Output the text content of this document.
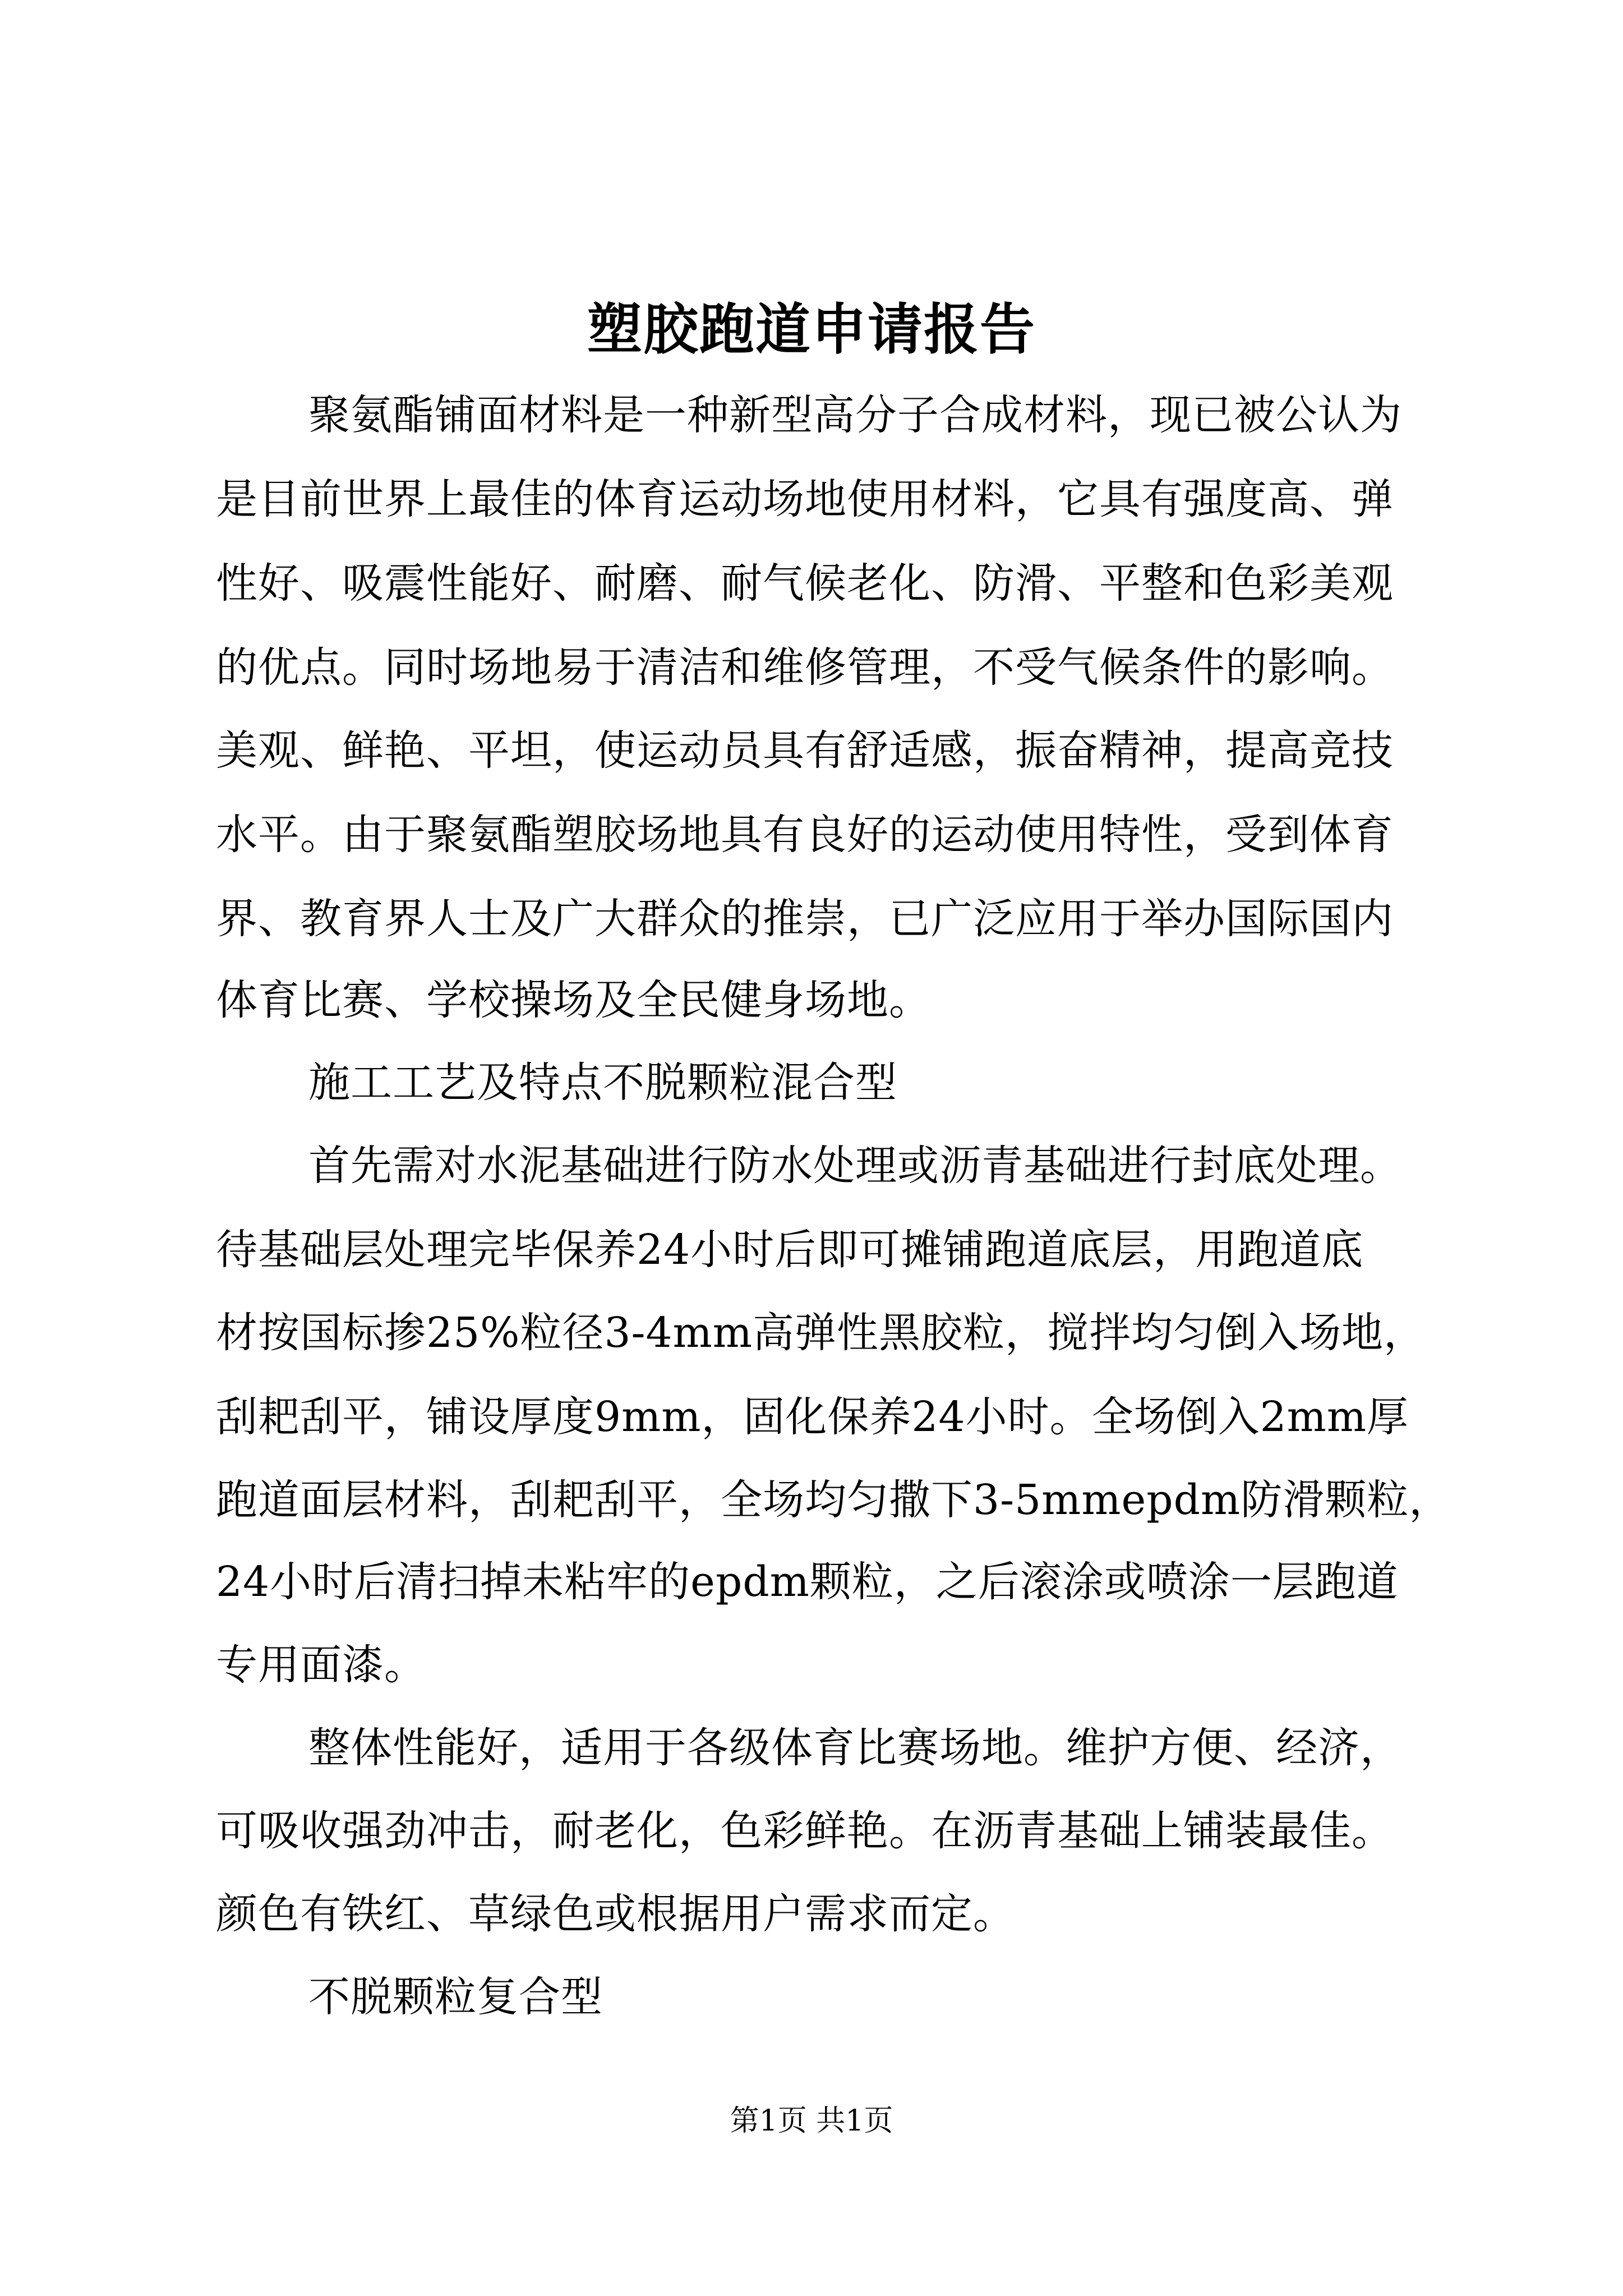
塑胶跑道申请报告
聚氨酯铺面材料是一种新型高分子合成材料，现已被公认为
是目前世界上最佳的体育运动场地使用材料，它具有强度高、弹
性好、吸震性能好、耐磨、耐气候老化、防滑、平整和色彩美观
的优点。同时场地易于清洁和维修管理，不受气候条件的影响。
美观、鲜艳、平坦，使运动员具有舒适感，振奋精神，提高竞技
水平。由于聚氨酯塑胶场地具有良好的运动使用特性，受到体育
界、教育界人士及广大群众的推崇，已广泛应用于举办国际国内
体育比赛、学校操场及全民健身场地。
施工工艺及特点不脱颗粒混合型
首先需对水泥基础进行防水处理或沥青基础进行封底处理。
待基础层处理完毕保养24小时后即可摊铺跑道底层，用跑道底
材按国标掺25%粒径3-4mm高弹性黑胶粒，搅拌均匀倒入场地，
刮耙刮平，铺设厚度9mm，固化保养24小时。全场倒入2mm厚
跑道面层材料，刮耙刮平，全场均匀撒下3-5mmepdm防滑颗粒，
24小时后清扫掉未粘牢的epdm颗粒，之后滚涂或喷涂一层跑道
专用面漆。
整体性能好，适用于各级体育比赛场地。维护方便、经济，
可吸收强劲冲击，耐老化，色彩鲜艳。在沥青基础上铺装最佳。
颜色有铁红、草绿色或根据用户需求而定。
不脱颗粒复合型
第1页 共1页
